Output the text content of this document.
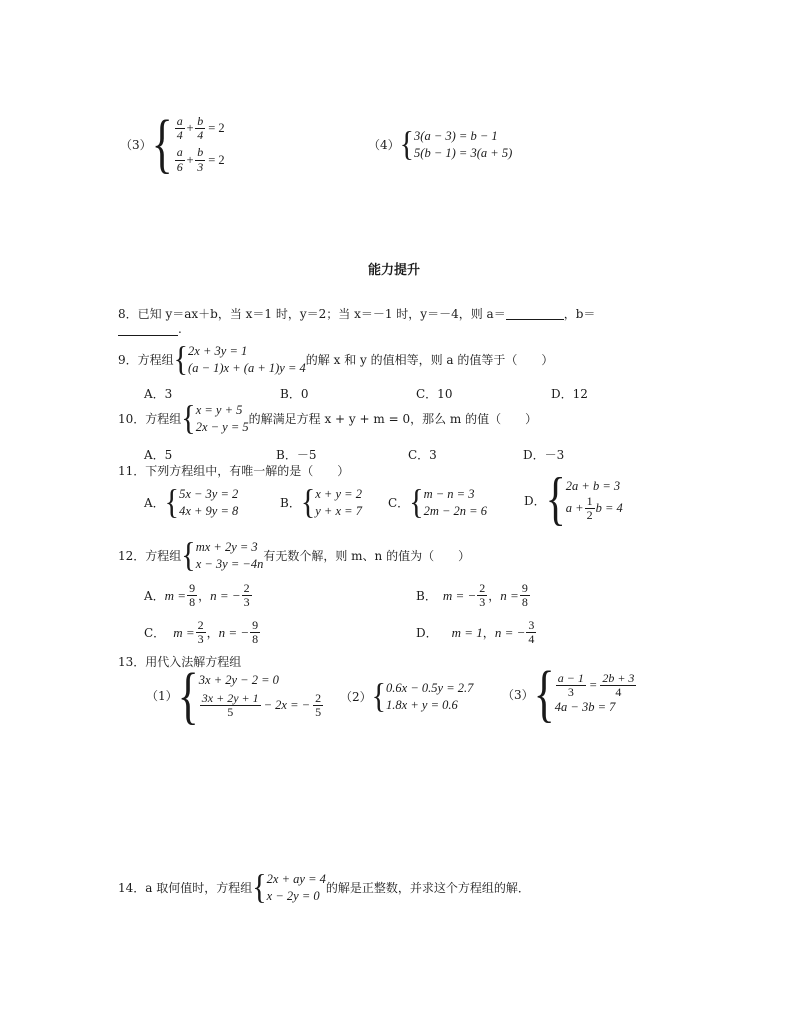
（3） { $\frac{a}{4} + \frac{b}{4} = 2$
$\frac{a}{6} + \frac{b}{3} = 2$
（4） { 3(a − 3) = b − 1
5(b − 1) = 3(a + 5)
能力提升
8．已知 y＝ax＋b，当 x＝1 时，y＝2；当 x＝－1 时，y＝－4，则 a＝	，b＝
.
9．方程组 { 2x + 3y = 1
(a − 1)x + (a + 1)y = 4
的解 x 和 y 的值相等，则 a 的值等于（　　）
A．3	B．0	C．10	D．12
10．方程组 { x = y + 5
2x − y = 5
的解满足方程 x + y + m = 0，那么 m 的值（　　）
A．5	B．－5	C．3	D．－3
11．下列方程组中，有唯一解的是（　　）
A． { 5x − 3y = 2
4x + 9y = 8
B． { x + y = 2
y + x = 7
C． { m − n = 3
2m − 2n = 6
D． { 2a + b = 3
$a + \frac{1}{2}$ b = 4
12．方程组 { mx + 2y = 3
x − 3y = −4n
有无数个解，则 m、n 的值为（　　）
A． $m = \frac{9}{8}$ ， n = − $\frac{2}{3}$	B． m = − $\frac{2}{3}$ ， $n = \frac{9}{8}$
C． $m = \frac{2}{3}$ ， n = − $\frac{9}{8}$	D． m = 1 ， n = − $\frac{3}{4}$
13．用代入法解方程组
（1） { 3x + 2y − 2 = 0
$\frac{3x + 2y + 1}{5} - 2x$ = − $\frac{2}{5} (2)$ { 0.6x − 0.5y = 2.7
1.8x + y = 0.6
（3） { $\frac{a - 1}{3} = \frac{2b + 3}{4}$
4a − 3b = 7
14．a 取何值时，方程组 { 2x + ay = 4
x − 2y = 0
的解是正整数，并求这个方程组的解．
